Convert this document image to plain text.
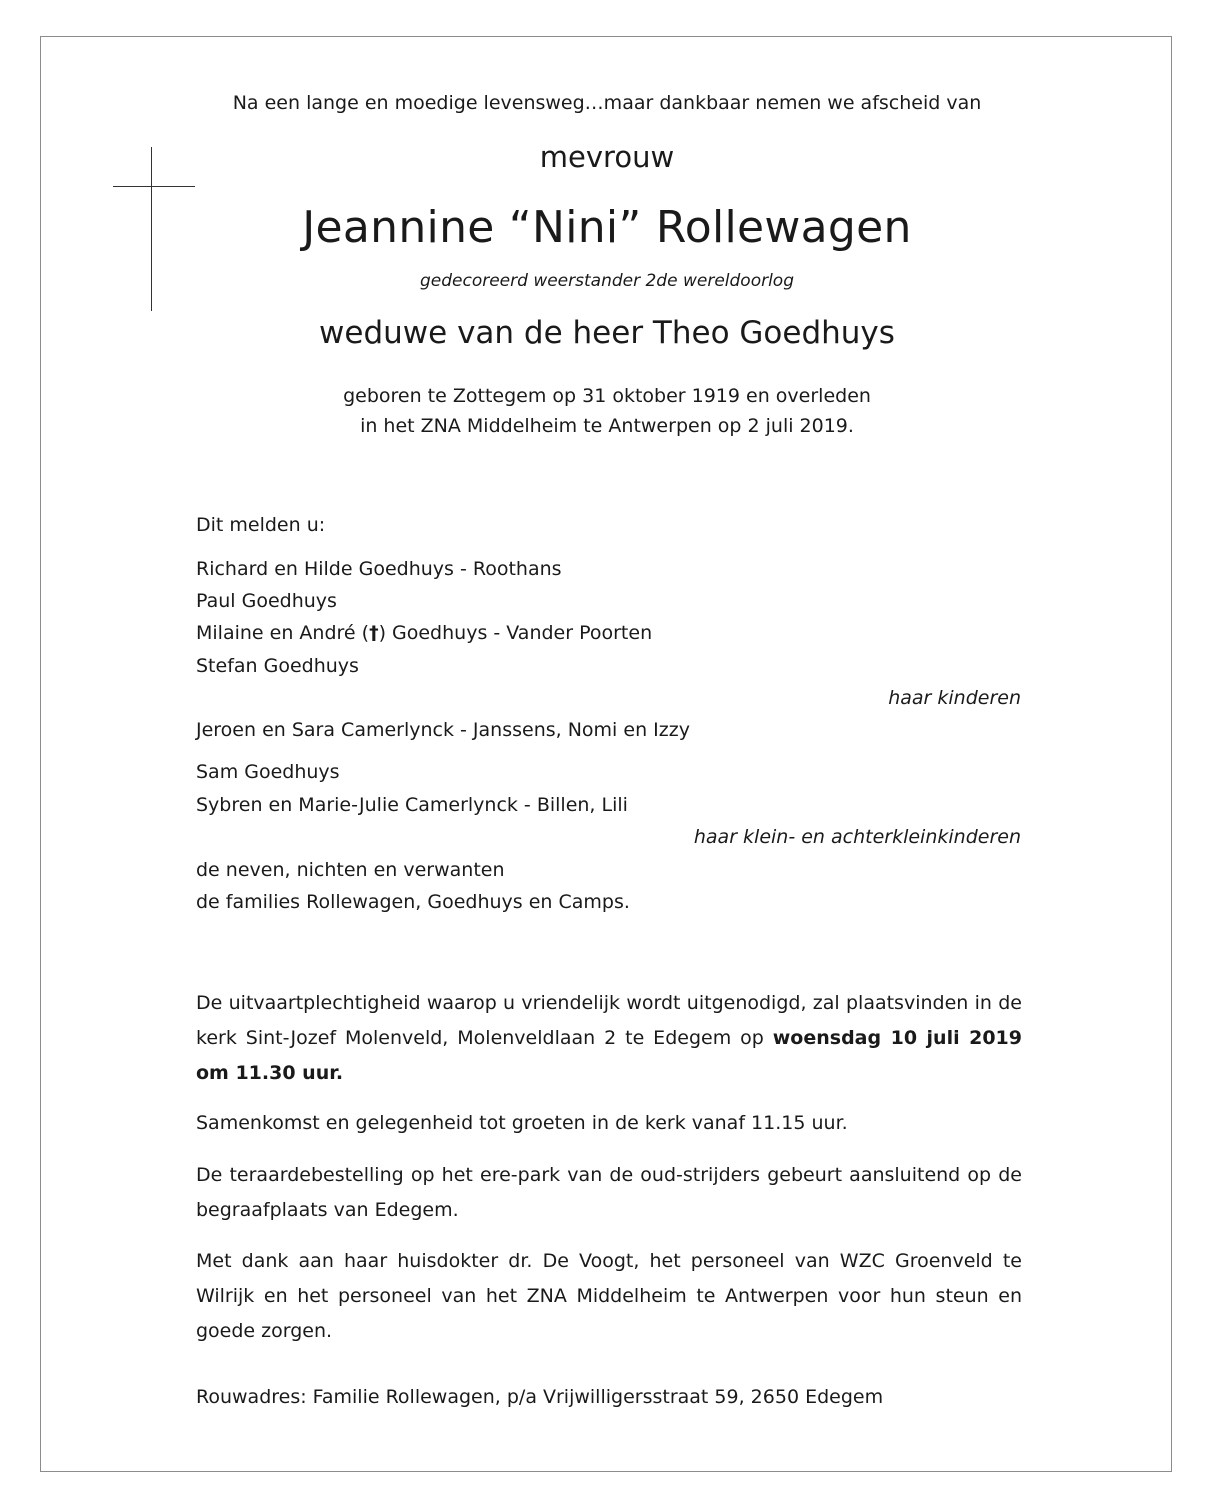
Na een lange en moedige levensweg…maar dankbaar nemen we afscheid van
mevrouw
Jeannine “Nini” Rollewagen
gedecoreerd weerstander 2de wereldoorlog
weduwe van de heer Theo Goedhuys
geboren te Zottegem op 31 oktober 1919 en overleden
in het ZNA Middelheim te Antwerpen op 2 juli 2019.
Dit melden u:
Richard en Hilde Goedhuys - Roothans
Paul Goedhuys
Milaine en André (†) Goedhuys - Vander Poorten
Stefan Goedhuys
haar kinderen
Jeroen en Sara Camerlynck - Janssens, Nomi en Izzy
Sam Goedhuys
Sybren en Marie-Julie Camerlynck - Billen, Lili
haar klein- en achterkleinkinderen
de neven, nichten en verwanten
de families Rollewagen, Goedhuys en Camps.
De uitvaartplechtigheid waarop u vriendelijk wordt uitgenodigd, zal plaatsvinden in de kerk Sint-Jozef Molenveld, Molenveldlaan 2 te Edegem op woensdag 10 juli 2019 om 11.30 uur.
Samenkomst en gelegenheid tot groeten in de kerk vanaf 11.15 uur.
De teraardebestelling op het ere-park van de oud-strijders gebeurt aansluitend op de begraafplaats van Edegem.
Met dank aan haar huisdokter dr. De Voogt, het personeel van WZC Groenveld te Wilrijk en het personeel van het ZNA Middelheim te Antwerpen voor hun steun en goede zorgen.
Rouwadres: Familie Rollewagen, p/a Vrijwilligersstraat 59, 2650 Edegem
